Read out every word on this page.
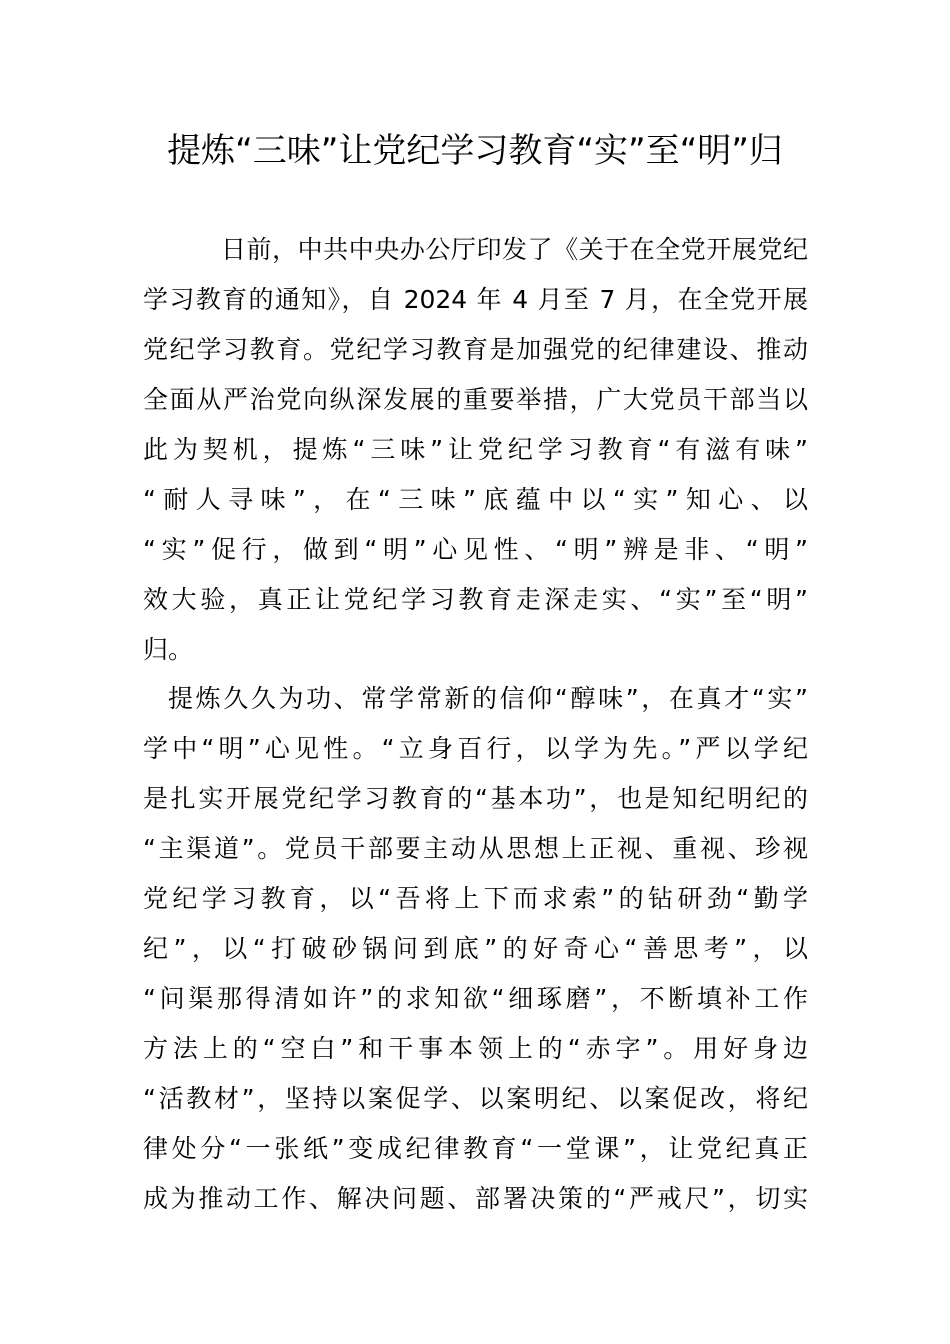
提炼“三味”让党纪学习教育“实”至“明”归
日前，中共中央办公厅印发了《关于在全党开展党纪
学习教育的通知》，自 2024 年 4 月至 7 月，在全党开展
党纪学习教育。党纪学习教育是加强党的纪律建设、推动
全面从严治党向纵深发展的重要举措，广大党员干部当以
此为契机，提炼“三味”让党纪学习教育“有滋有味”
“耐人寻味”，在“三味”底蕴中以“实”知心、以
“实”促行，做到“明”心见性、“明”辨是非、“明”
效大验，真正让党纪学习教育走深走实、“实”至“明”
归。
提炼久久为功、常学常新的信仰“醇味”，在真才“实”
学中“明”心见性。“立身百行，以学为先。”严以学纪
是扎实开展党纪学习教育的“基本功”，也是知纪明纪的
“主渠道”。党员干部要主动从思想上正视、重视、珍视
党纪学习教育，以“吾将上下而求索”的钻研劲“勤学
纪”，以“打破砂锅问到底”的好奇心“善思考”，以
“问渠那得清如许”的求知欲“细琢磨”，不断填补工作
方法上的“空白”和干事本领上的“赤字”。用好身边
“活教材”，坚持以案促学、以案明纪、以案促改，将纪
律处分“一张纸”变成纪律教育“一堂课”，让党纪真正
成为推动工作、解决问题、部署决策的“严戒尺”，切实
